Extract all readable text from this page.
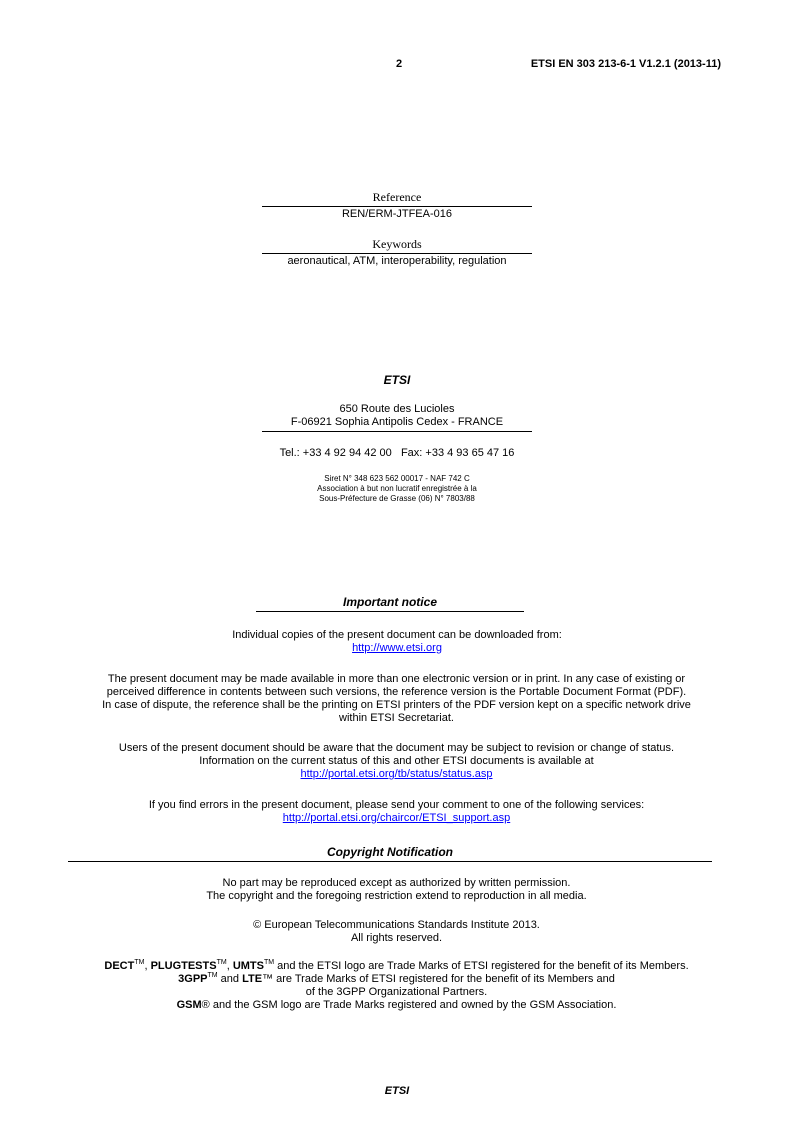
2	ETSI EN 303 213-6-1 V1.2.1 (2013-11)
Reference
REN/ERM-JTFEA-016
Keywords
aeronautical, ATM, interoperability, regulation
ETSI
650 Route des Lucioles
F-06921 Sophia Antipolis Cedex - FRANCE
Tel.: +33 4 92 94 42 00   Fax: +33 4 93 65 47 16
Siret N° 348 623 562 00017 - NAF 742 C
Association à but non lucratif enregistrée à la
Sous-Préfecture de Grasse (06) N° 7803/88
Important notice
Individual copies of the present document can be downloaded from:
http://www.etsi.org
The present document may be made available in more than one electronic version or in print. In any case of existing or
perceived difference in contents between such versions, the reference version is the Portable Document Format (PDF).
In case of dispute, the reference shall be the printing on ETSI printers of the PDF version kept on a specific network drive
within ETSI Secretariat.
Users of the present document should be aware that the document may be subject to revision or change of status.
Information on the current status of this and other ETSI documents is available at
http://portal.etsi.org/tb/status/status.asp
If you find errors in the present document, please send your comment to one of the following services:
http://portal.etsi.org/chaircor/ETSI_support.asp
Copyright Notification
No part may be reproduced except as authorized by written permission.
The copyright and the foregoing restriction extend to reproduction in all media.
© European Telecommunications Standards Institute 2013.
All rights reserved.
DECT™, PLUGTESTS™, UMTS™ and the ETSI logo are Trade Marks of ETSI registered for the benefit of its Members.
3GPP™ and LTE™ are Trade Marks of ETSI registered for the benefit of its Members and
of the 3GPP Organizational Partners.
GSM® and the GSM logo are Trade Marks registered and owned by the GSM Association.
ETSI
